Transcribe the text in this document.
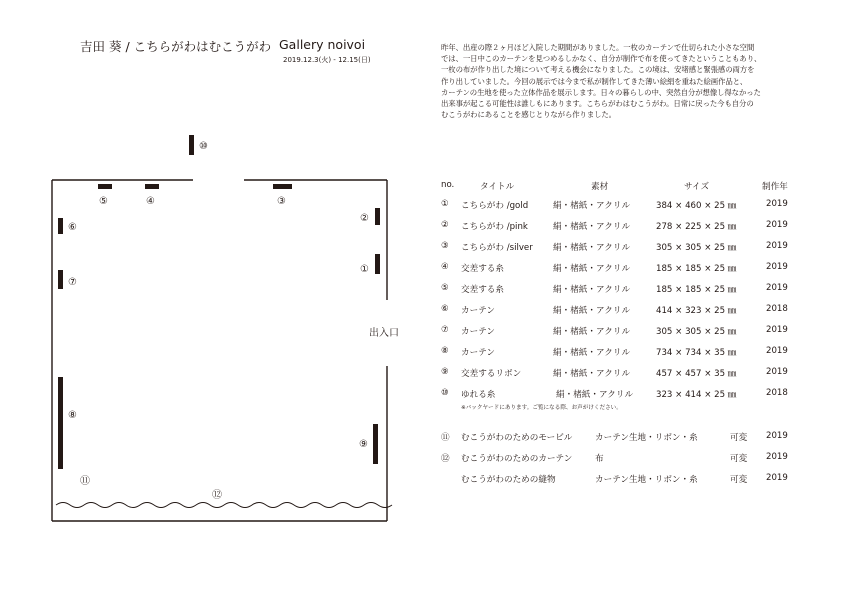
吉田 葵 / こちらがわはむこうがわ Gallery noivoi
2019.12.3(火) - 12.15(日)

昨年、出産の際２ヶ月ほど入院した期間がありました。一枚のカーテンで仕切られた小さな空間

では、一日中このカーテンを見つめるしかなく、自分が制作で布を使ってきたということもあり、

一枚の布が作り出した境について考える機会になりました。この境は、安堵感と緊張感の両方を

作り出していました。今回の展示では今まで私が制作してきた薄い絵絹を重ねた絵画作品と、

カーテンの生地を使った立体作品を展示します。日々の暮らしの中、突然自分が想像し得なかった

出来事が起こる可能性は誰しもにあります。こちらがわはむこうがわ。日常に戻った今も自分の

むこうがわにあることを感じとりながら作りました。

⑩
⑤	④	③
②
⑥
①
⑦
⑧
⑨
⑪
⑫
出入口
no.	タイトル	素材	サイズ	制作年
① こちらがわ /gold	絹・楮紙・アクリル	384 × 460 × 25 ㎜	2019
② こちらがわ /pink	絹・楮紙・アクリル	278 × 225 × 25 ㎜	2019
③ こちらがわ /silver 絹・楮紙・アクリル	305 × 305 × 25 ㎜	2019
④ 交差する糸	絹・楮紙・アクリル	185 × 185 × 25 ㎜	2019
⑤ 交差する糸	絹・楮紙・アクリル	185 × 185 × 25 ㎜	2019
⑥ カーテン	絹・楮紙・アクリル	414 × 323 × 25 ㎜	2018
⑦ カーテン	絹・楮紙・アクリル	305 × 305 × 25 ㎜	2019
⑧ カーテン	絹・楮紙・アクリル	734 × 734 × 35 ㎜	2019
⑨ 交差するリボン	絹・楮紙・アクリル	457 × 457 × 35 ㎜	2019
⑩ ゆれる糸	絹・楮紙・アクリル	323 × 414 × 25 ㎜	2018
※バックヤードにあります。ご覧になる際、お声がけください。
⑪ むこうがわのためのモービル	カーテン生地・リボン・糸	可変 2019
⑫ むこうがわのためのカーテン	布	可変 2019
むこうがわのための縫物	カーテン生地・リボン・糸	可変 2019
